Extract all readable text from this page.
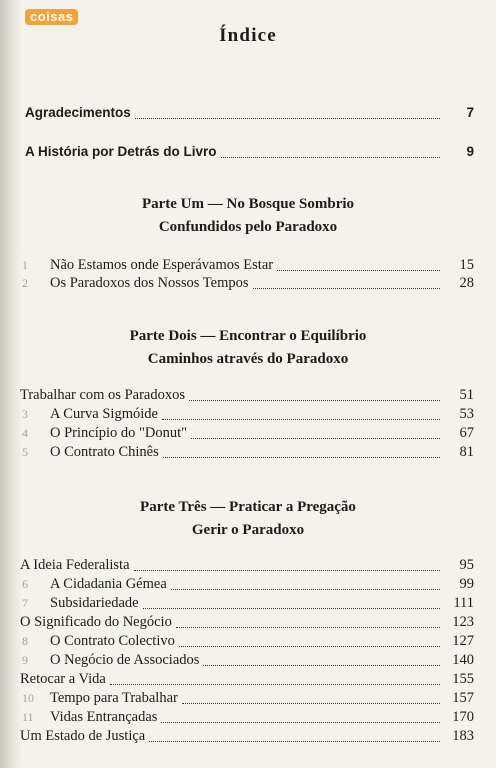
coisas
Índice
Agradecimentos	7
A História por Detrás do Livro	9
Parte Um — No Bosque Sombrio
Confundidos pelo Paradoxo
1	Não Estamos onde Esperávamos Estar	15
2	Os Paradoxos dos Nossos Tempos	28
Parte Dois — Encontrar o Equilíbrio
Caminhos através do Paradoxo
Trabalhar com os Paradoxos	51
3	A Curva Sigmóide	53
4	O Princípio do "Donut"	67
5	O Contrato Chinês	81
Parte Três — Praticar a Pregação
Gerir o Paradoxo
A Ideia Federalista	95
6	A Cidadania Gémea	99
7	Subsidariedade	111
O Significado do Negócio	123
8	O Contrato Colectivo	127
9	O Negócio de Associados	140
Retocar a Vida	155
10	Tempo para Trabalhar	157
11	Vidas Entrançadas	170
Um Estado de Justiça	183
